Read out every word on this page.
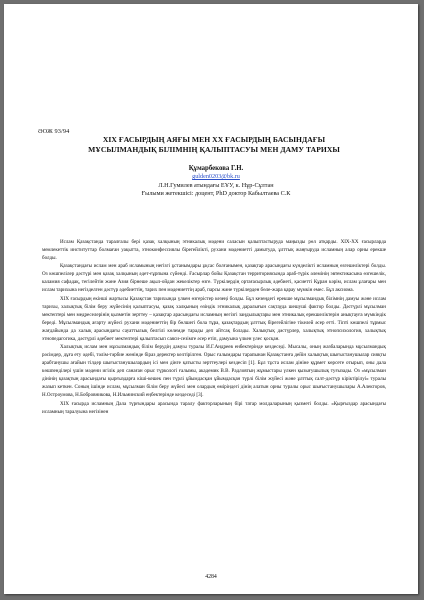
ӘОЖ 93/94
XIX ҒАСЫРДЫҢ АЯҒЫ МЕН XX ҒАСЫРДЫҢ БАСЫНДАҒЫ
МҰСЫЛМАНДЫҚ БІЛІМНІҢ ҚАЛЫПТАСУЫ МЕН ДАМУ ТАРИХЫ
Құмарбекова Г.Н.
gulden0203@bk.ru
Л.Н.Гумилев атындағы ЕҰУ, к. Нұр-Сұлтан
Ғылыми жетекшісі: доцент, PhD доктор Кабылтаева С.К

Ислам Қазақстанда таралғалы бері қазақ халқының этникалық мәдени саласын қалыптастыруда маңызды рөл атқарды. XIX-XX ғасырларда мемлекеттік институттар болмаған уақытта, этноконфессиялы бірегейлікті, рухани мәдениетті дамытуда, ұлттық жаңғыруда исламның алар орны ерекше болды.

Қазақстандағы ислам мен араб исламының негізгі ұстанымдары ұқсас болғанымен, қазақтар арасындағы күнделікті исламның өзгешеліктері болды. Оз көшпелілер дәстүрі мен қазақ халқының әдет-ғұрпына сүйенді. Ғасырлар бойы Қазақстан территориясында араб-түрік әлемінің эвтектикасына өзгешелік, каламия сафадақ, тегілейтін және Азия бірнеше ақыл-ойдан жекеліктер өзге. Түркілердің ортағасырлық әдебиеті, қасиетті Құран кәрім, ислам ұлағары мен ислам тарихына негізделген дәстүр әдебиеттің, тарих пен мәдениеттің араб, парсы және түркілерден бөле-жара қарау мүмкін емес. Бұл аксиома.

XIX ғасырдың екінші жартысы Қазақстан тарихында үлкен өзгерістер кезеңі болды. Бұл кезеңдегі ерекше мұсылмандық білімнің дамуы және ислам тарихы, халықтық білім беру жүйесінің қалыптасуы, қазақ халқының өзіндік этникалық даралығын сақтауда шешуші фактор болды. Дәстүрлі мұсылман мектептері мен медреселерінің қызметін зерттеу – қазақтар арасындағы исламның негізгі заңдылықтары мен этникалық ерекшеліктерін анықтауға мүмкіндік береді. Мұсылмандық ағарту жүйесі рухани мәдениеттің бір бөлшегі бола тұра, қазақтардың ұлттық бірегейлігіне тікелей әсер етті. Тіпті көшпелі тұрмыс жағдайында да халық арасындағы сауаттылық белгілі көлемде тарады деп айтсақ болады. Халықтық дәстүрлер, халықтық этнопсихология, халықтық этнопедагогика, дәстүрлі әдебиет мектептері қалыптасып саяси-сезімге әсер етіп, дамуына үлкен үлес қосқан.

Халықтық ислам мен мұсылмандық білім берудің дамуы туралы И.Г.Андреев енбектерінде кездеседі. Мысалы, оның жазбаларында мұсылмандық рәсімдер, дұға ету әдебі, тәлім-тәрбие жөнінде біраз деректер келтірілген. Орыс ғалымдары тарапынан Қазақстанға дейін халықтық шығыстанушылар сияқты арабтанушы ағайын тілдер шығыстанушылардың ісі мен дінге қатысты зерттеулері кездесіп [1]. Бұл тұста ислам дініне құрмет көрсете отырып, оны дала көшпенділері үшін мәдени игілік деп санаған орыс түркологі ғалымы, академик В.В. Радловтың жұмыстары үлкен қызығушылық туғызады. Оз «мұсылман дінінің қазақтың арасындағы қырғыздарға кіші-кешек пен түрлі ұйымдасқан ұйымдасқан түрлі білім жүйесі және ұлттық салт-дәстүр кіріктірілуі» туралы жазып кеткен. Соның ішінде ислам, мұсылман білім беру жүйесі мен олардың өміріндегі дінің алатын орны туралы орыс шығыстанушылары А.Алекторов, Н.Остроумова, Н.Бобровникова, Н.Ильминский еңбектерінде кездеседі [3].

XIX ғасырда исламның Дала түрғындары арасында таралу факторларының бірі татар молдаларының қызметі болды. «Қырғыздар арасындағы исламның таралуына негізінен

4284
